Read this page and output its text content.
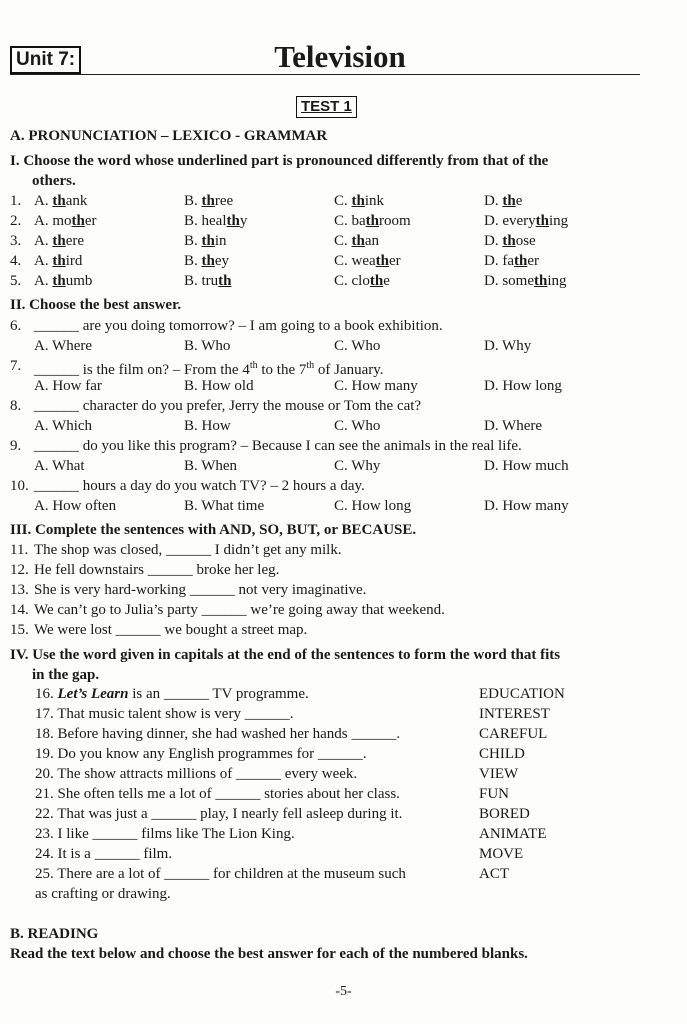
Unit 7:	Television
TEST 1
A. PRONUNCIATION – LEXICO - GRAMMAR
I. Choose the word whose underlined part is pronounced differently from that of the
others.
1. A. thank	B. three	C. think	D. the
2. A. mother	B. healthy	C. bathroom	D. everything
3. A. there	B. thin	C. than	D. those
4. A. third	B. they	C. weather	D. father
5. A. thumb	B. truth	C. clothe	D. something
II. Choose the best answer.
6. ______ are you doing tomorrow? – I am going to a book exhibition.
A. Where	B. Who	C. Who	D. Why
7. ______ is the film on? – From the 4th to the 7th of January.
A. How far	B. How old	C. How many	D. How long
8. ______ character do you prefer, Jerry the mouse or Tom the cat?
A. Which	B. How	C. Who	D. Where
9. ______ do you like this program? – Because I can see the animals in the real life.
A. What	B. When	C. Why	D. How much
10. ______ hours a day do you watch TV? – 2 hours a day.
A. How often	B. What time	C. How long	D. How many
III. Complete the sentences with AND, SO, BUT, or BECAUSE.
11. The shop was closed, ______ I didn’t get any milk.
12. He fell downstairs ______ broke her leg.
13. She is very hard-working ______ not very imaginative.
14. We can’t go to Julia’s party ______ we’re going away that weekend.
15. We were lost ______ we bought a street map.
IV. Use the word given in capitals at the end of the sentences to form the word that fits
in the gap.
16. Let’s Learn is an ______ TV programme.	EDUCATION
17. That music talent show is very ______.	INTEREST
18. Before having dinner, she had washed her hands ______.	CAREFUL
19. Do you know any English programmes for ______.	CHILD
20. The show attracts millions of ______ every week.	VIEW
21. She often tells me a lot of ______ stories about her class.	FUN
22. That was just a ______ play, I nearly fell asleep during it.	BORED
23. I like ______ films like The Lion King.	ANIMATE
24. It is a ______ film.	MOVE
25. There are a lot of ______ for children at the museum such	ACT
as crafting or drawing.
B. READING
Read the text below and choose the best answer for each of the numbered blanks.
-5-
